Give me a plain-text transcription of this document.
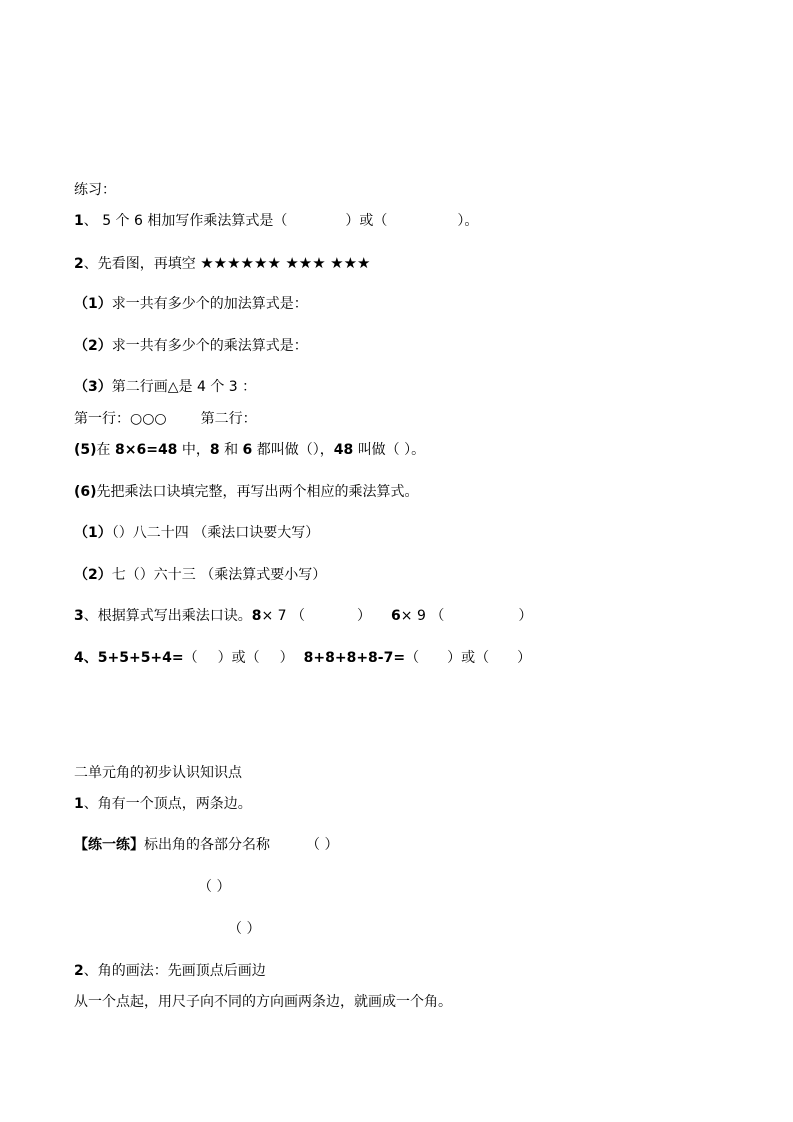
练习：
1、 5 个 6 相加写作乘法算式是（	）或（	）。
2、先看图，再填空 ★★★★★★ ★★★ ★★★
（1）求一共有多少个的加法算式是：
（2）求一共有多少个的乘法算式是：
（3）第二行画△是 4 个 3 ：
第一行：○○○ 第二行：
(5)在 8×6=48 中，8 和 6 都叫做（），48 叫做（ ）。
(6)先把乘法口诀填完整，再写出两个相应的乘法算式。
（1）（）八二十四 （乘法口诀要大写）
（2）七（）六十三 （乘法算式要小写）
3、根据算式写出乘法口诀。8× 7 （	） 6× 9 （	）
4、5+5+5+4=（ ）或（ ） 8+8+8+8-7=（ ）或（ ）
二单元角的初步认识知识点
1、角有一个顶点，两条边。
【练一练】标出角的各部分名称	（ ）
（ ）
（ ）
2、角的画法：先画顶点后画边
从一个点起，用尺子向不同的方向画两条边，就画成一个角。
